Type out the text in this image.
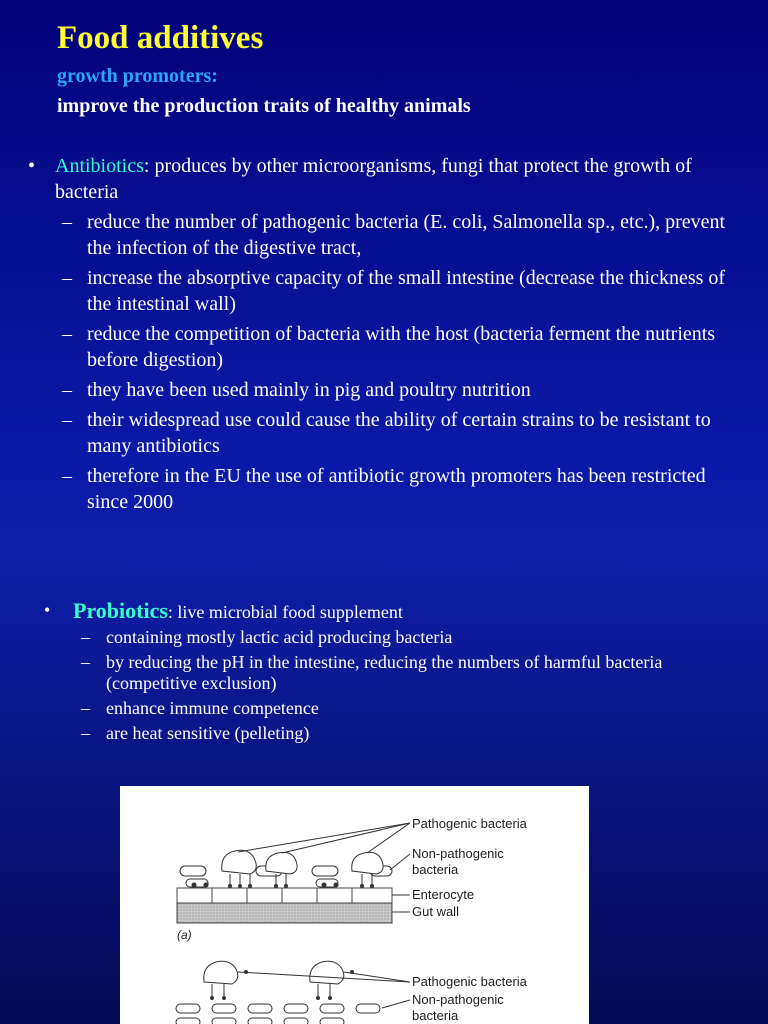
Food additives
growth promoters:
improve the production traits of healthy animals
• Antibiotics: produces by other microorganisms, fungi that protect the growth of bacteria
– reduce the number of pathogenic bacteria (E. coli, Salmonella sp., etc.), prevent the infection of the digestive tract,
– increase the absorptive capacity of the small intestine (decrease the thickness of the intestinal wall)
– reduce the competition of bacteria with the host (bacteria ferment the nutrients before digestion)
– they have been used mainly in pig and poultry nutrition
– their widespread use could cause the ability of certain strains to be resistant to many antibiotics
– therefore in the EU the use of antibiotic growth promoters has been restricted since 2000
• Probiotics: live microbial food supplement
– containing mostly lactic acid producing bacteria
– by reducing the pH in the intestine, reducing the numbers of harmful bacteria (competitive exclusion)
– enhance immune competence
– are heat sensitive (pelleting)
Pathogenic bacteria
Non-pathogenic
bacteria
Enterocyte
Gut wall
(a)
Pathogenic bacteria
Non-pathogenic
bacteria
